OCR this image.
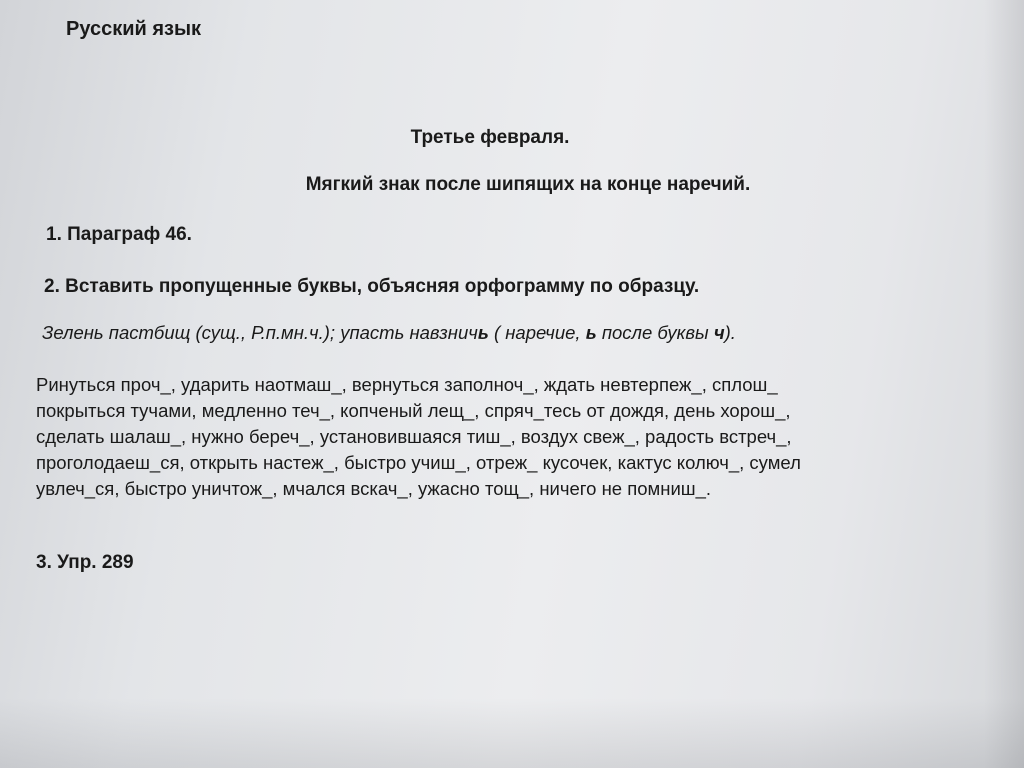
Русский язык
Третье февраля.
Мягкий знак после шипящих на конце наречий.
1. Параграф 46.
2. Вставить пропущенные буквы, объясняя орфограмму по образцу.
Зелень пастбищ (сущ., Р.п.мн.ч.); упасть навзничь ( наречие, ь после буквы ч).
Ринуться проч_, ударить наотмаш_, вернуться заполноч_, ждать невтерпеж_, сплош_
покрыться тучами, медленно теч_, копченый лещ_, спряч_тесь от дождя, день хорош_,
сделать шалаш_, нужно береч_, установившаяся тиш_, воздух свеж_, радость встреч_,
проголодаеш_ся, открыть настеж_, быстро учиш_, отреж_ кусочек, кактус колюч_, сумел
увлеч_ся, быстро уничтож_, мчался вскач_, ужасно тощ_, ничего не помниш_.
3. Упр. 289
